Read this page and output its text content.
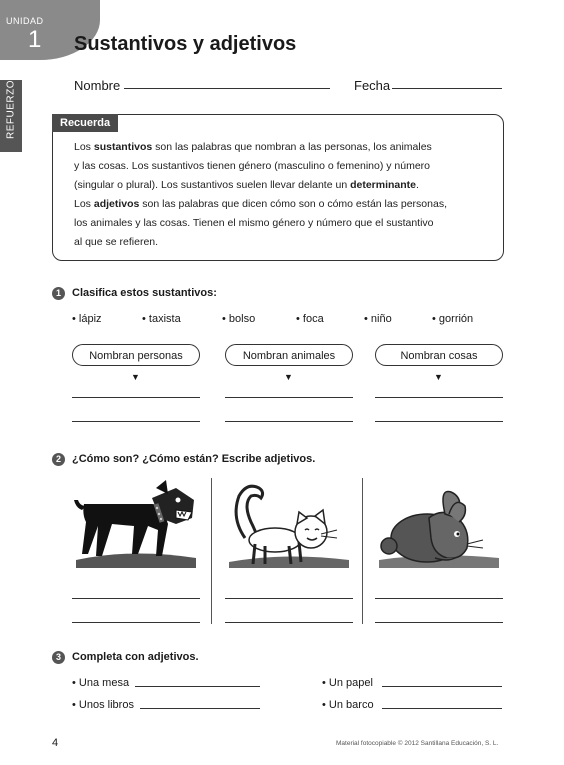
UNIDAD
1 Sustantivos y adjetivos
REFUERZO	Nombre	Fecha
Recuerda
Los sustantivos son las palabras que nombran a las personas, los animales
y las cosas. Los sustantivos tienen género (masculino o femenino) y número
(singular o plural). Los sustantivos suelen llevar delante un determinante.
Los adjetivos son las palabras que dicen cómo son o cómo están las personas,
los animales y las cosas. Tienen el mismo género y número que el sustantivo
al que se refieren.
1	Clasifica estos sustantivos:
• lápiz	• taxista	• bolso	• foca	• niño	• gorrión
Nombran personas	Nombran animales	Nombran cosas
▼	▼	▼
2	¿Cómo son? ¿Cómo están? Escribe adjetivos.
3	Completa con adjetivos.
• Una mesa	• Un papel
• Unos libros	• Un barco
4	Material fotocopiable © 2012 Santillana Educación, S. L.
